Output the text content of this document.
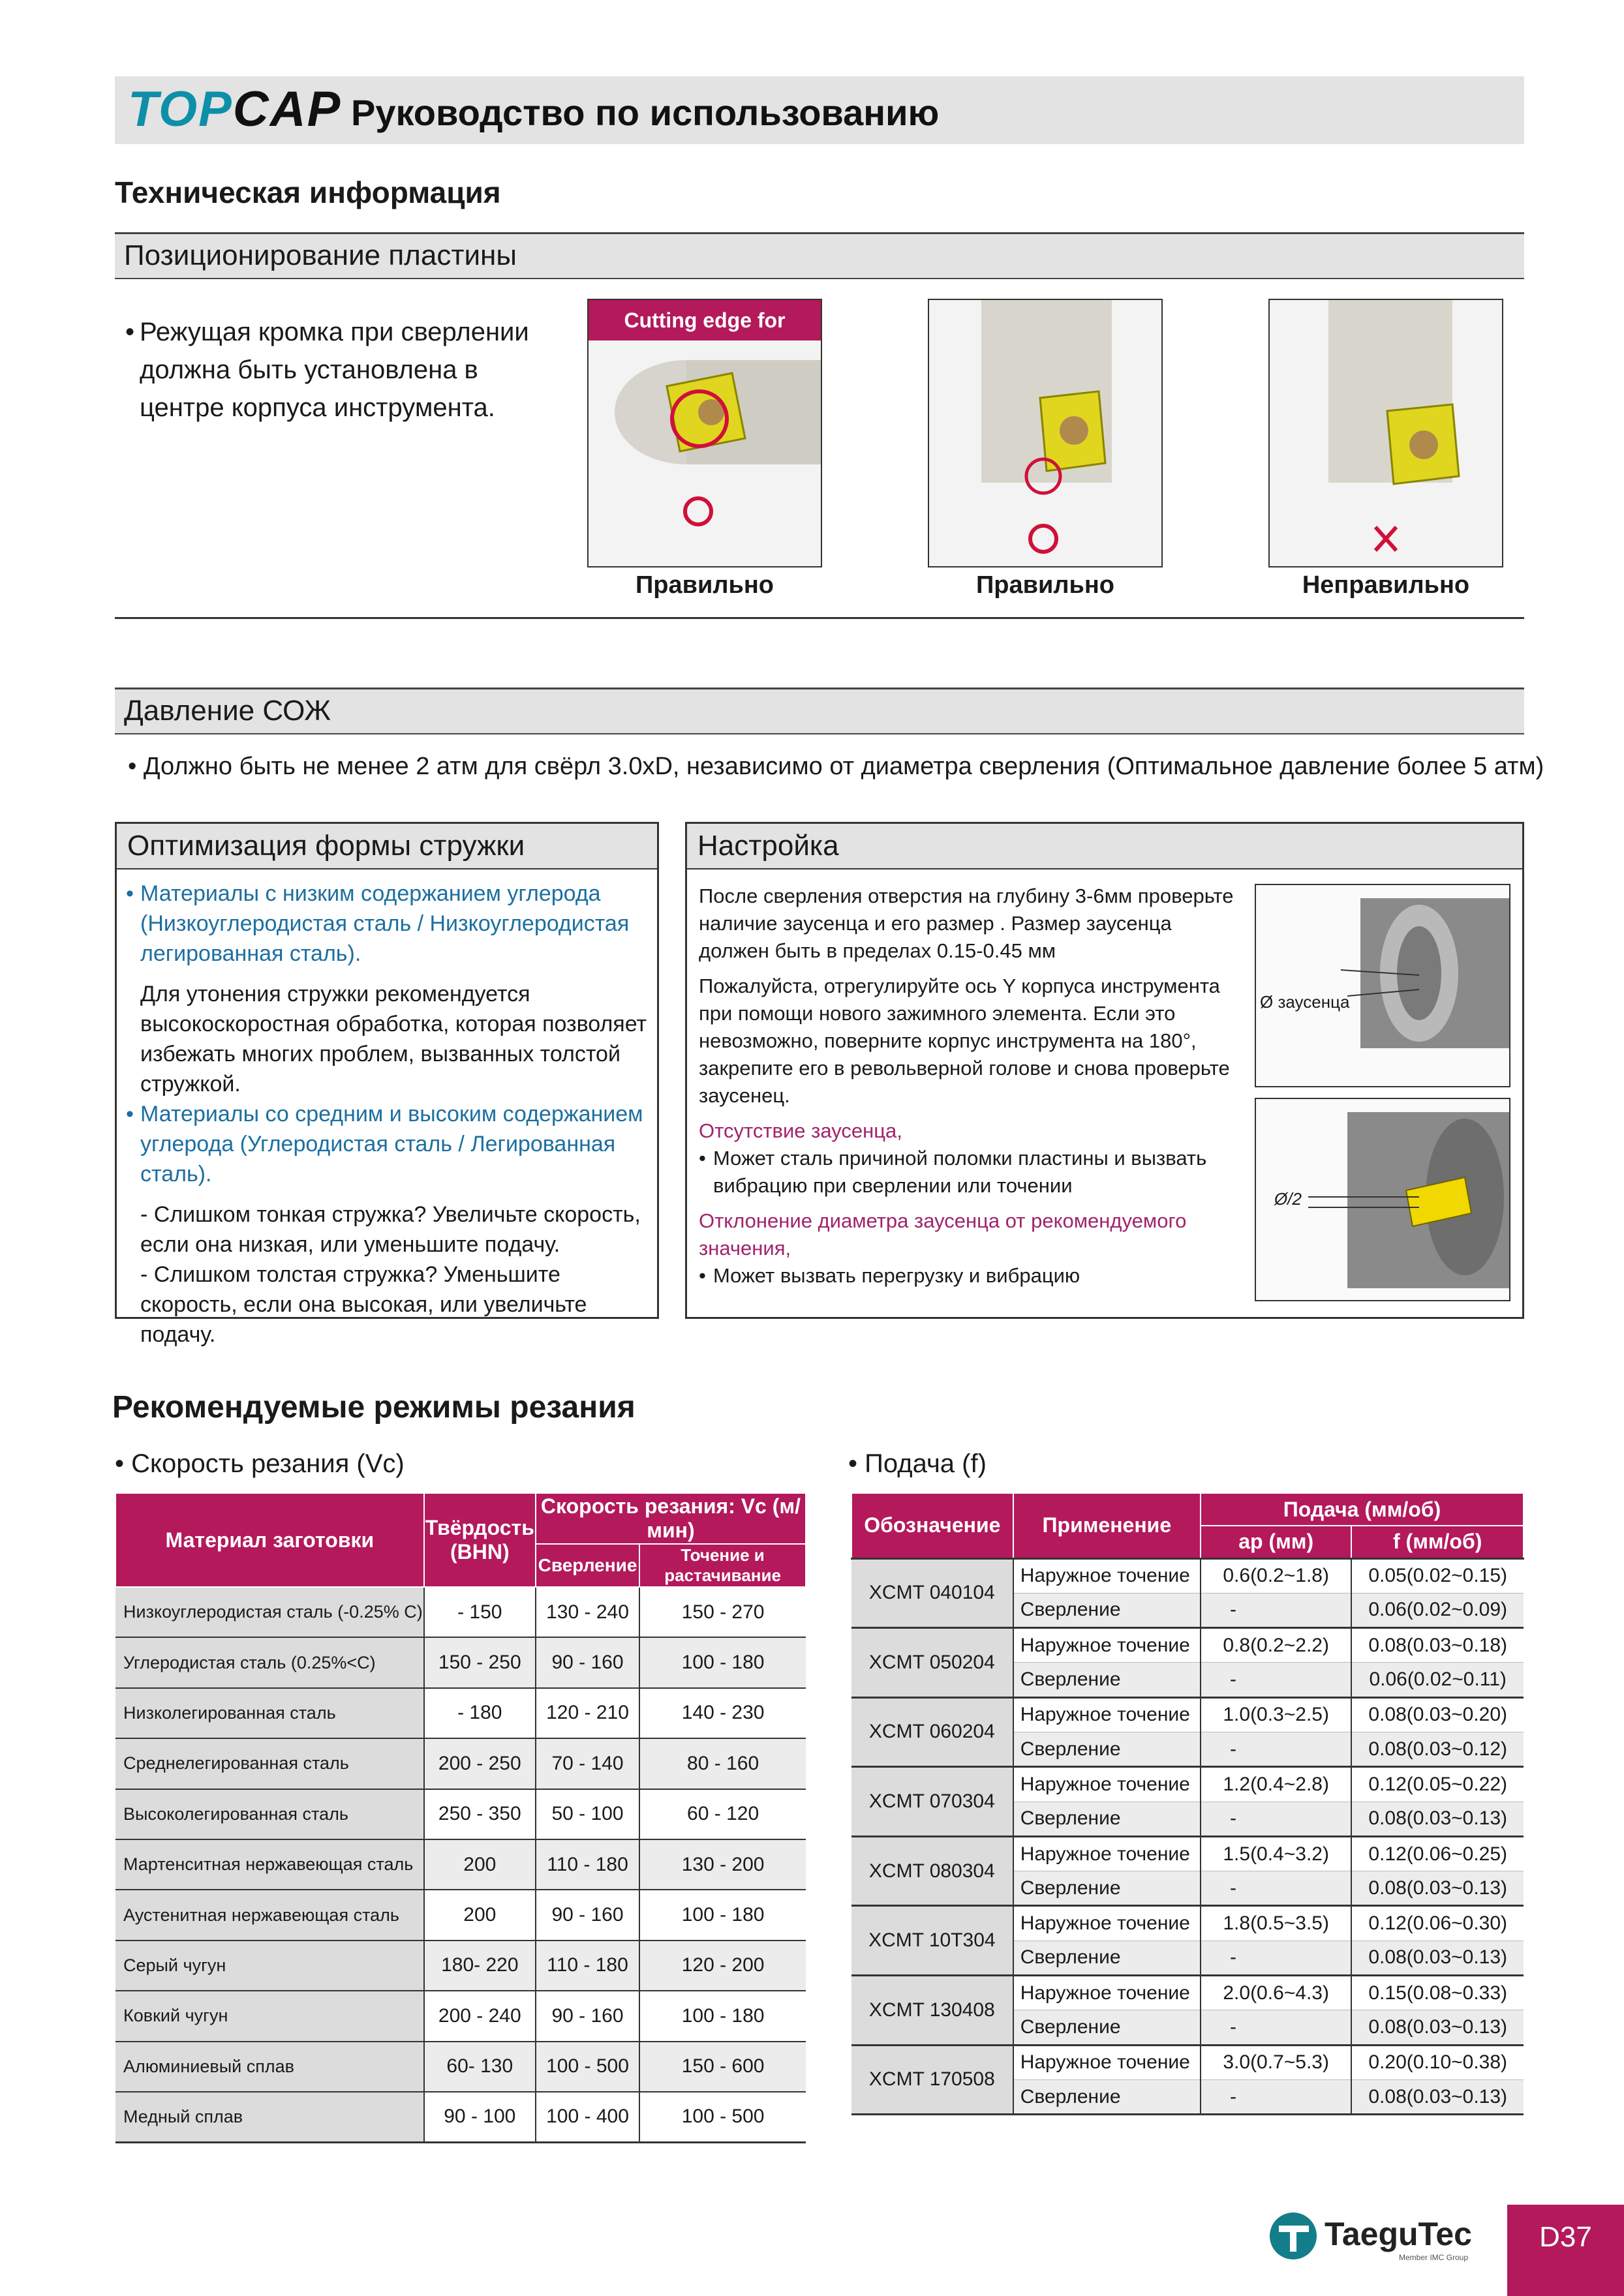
TOPCAP Руководство по использованию
Техническая информация
Позиционирование пластины
• Режущая кромка при сверлении должна быть установлена в центре корпуса инструмента.
Cutting edge for
Правильно	Правильно	Неправильно
Давление СОЖ
• Должно быть не менее 2 атм для свёрл 3.0xD, независимо от диаметра сверления (Оптимальное давление более 5 атм)
Оптимизация формы стружки
• Материалы с низким содержанием углерода (Низкоуглеродистая сталь / Низкоуглеродистая легированная сталь).
Для утонения стружки рекомендуется высокоскоростная обработка, которая позволяет избежать многих проблем, вызванных толстой стружкой.
• Материалы со средним и высоким содержанием углерода (Углеродистая сталь / Легированная сталь).
- Слишком тонкая стружка? Увеличьте скорость, если она низкая, или уменьшите подачу.
- Слишком толстая стружка? Уменьшите скорость, если она высокая, или увеличьте подачу.
Настройка
После сверления отверстия на глубину 3-6мм проверьте наличие заусенца и его размер . Размер заусенца должен быть в пределах 0.15-0.45 мм
Пожалуйста, отрегулируйте ось Y корпуса инструмента при помощи нового зажимного элемента. Если это невозможно, поверните корпус инструмента на 180°, закрепите его в револьверной голове и снова проверьте заусенец.
Отсутствие заусенца,
• Может сталь причиной поломки пластины и вызвать вибрацию при сверлении или точении
Отклонение диаметра заусенца от рекомендуемого значения,
• Может вызвать перегрузку и вибрацию
Ø заусенца
Ø/2
Рекомендуемые режимы резания
• Скорость резания (Vc)	• Подача (f)
Материал заготовки	Твёрдость (BHN)	Скорость резания: Vc (м/мин)	
		Сверление	Точение и растачивание
Низкоуглеродистая сталь (-0.25% C)	- 150	130 - 240	150 - 270
Углеродистая сталь (0.25%<C)	150 - 250	90 - 160	100 - 180
Низколегированная сталь	- 180	120 - 210	140 - 230
Среднелегированная сталь	200 - 250	70 - 140	80 - 160
Высоколегированная сталь	250 - 350	50 - 100	60 - 120
Мартенситная нержавеющая сталь	200	110 - 180	130 - 200
Аустенитная нержавеющая сталь	200	90 - 160	100 - 180
Серый чугун	180- 220	110 - 180	120 - 200
Ковкий чугун	200 - 240	90 - 160	100 - 180
Алюминиевый сплав	60- 130	100 - 500	150 - 600
Медный сплав	90 - 100	100 - 400	100 - 500
Обозначение	Применение	Подача (мм/об)	
		ap (мм)	f (мм/об)
XCMT 040104	Наружное точение	0.6(0.2~1.8)	0.05(0.02~0.15)
	Сверление	-	0.06(0.02~0.09)
XCMT 050204	Наружное точение	0.8(0.2~2.2)	0.08(0.03~0.18)
	Сверление	-	0.06(0.02~0.11)
XCMT 060204	Наружное точение	1.0(0.3~2.5)	0.08(0.03~0.20)
	Сверление	-	0.08(0.03~0.12)
XCMT 070304	Наружное точение	1.2(0.4~2.8)	0.12(0.05~0.22)
	Сверление	-	0.08(0.03~0.13)
XCMT 080304	Наружное точение	1.5(0.4~3.2)	0.12(0.06~0.25)
	Сверление	-	0.08(0.03~0.13)
XCMT 10T304	Наружное точение	1.8(0.5~3.5)	0.12(0.06~0.30)
	Сверление	-	0.08(0.03~0.13)
XCMT 130408	Наружное точение	2.0(0.6~4.3)	0.15(0.08~0.33)
	Сверление	-	0.08(0.03~0.13)
XCMT 170508	Наружное точение	3.0(0.7~5.3)	0.20(0.10~0.38)
	Сверление	-	0.08(0.03~0.13)
TaeguTec
Member IMC Group
D37
